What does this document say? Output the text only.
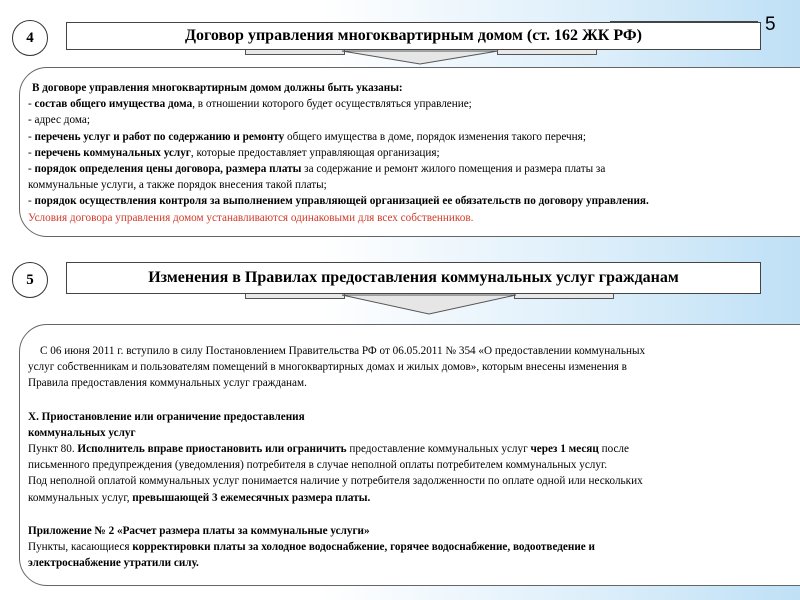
5
4	Договор управления многоквартирным домом (ст. 162 ЖК РФ)

В договоре управления многоквартирным домом должны быть указаны:

- состав общего имущества дома, в отношении которого будет осуществляться управление;

- адрес дома;

- перечень услуг и работ по содержанию и ремонту общего имущества в доме, порядок изменения такого перечня;

- перечень коммунальных услуг, которые предоставляет управляющая организация;

- порядок определения цены договора, размера платы за содержание и ремонт жилого помещения и размера платы за

коммунальные услуги, а также порядок внесения такой платы;

- порядок осуществления контроля за выполнением управляющей организацией ее обязательств по договору управления.

Условия договора управления домом устанавливаются одинаковыми для всех собственников.

5	Изменения в Правилах предоставления коммунальных услуг гражданам

С 06 июня 2011 г. вступило в силу Постановлением Правительства РФ от 06.05.2011 № 354 «О предоставлении коммунальных

услуг собственникам и пользователям помещений в многоквартирных домах и жилых домов», которым внесены изменения в

Правила предоставления коммунальных услуг гражданам.

X. Приостановление или ограничение предоставления

коммунальных услуг

Пункт 80. Исполнитель вправе приостановить или ограничить предоставление коммунальных услуг через 1 месяц после

письменного предупреждения (уведомления) потребителя в случае неполной оплаты потребителем коммунальных услуг.

Под неполной оплатой коммунальных услуг понимается наличие у потребителя задолженности по оплате одной или нескольких

коммунальных услуг, превышающей 3 ежемесячных размера платы.

Приложение № 2 «Расчет размера платы за коммунальные услуги»

Пункты, касающиеся корректировки платы за холодное водоснабжение, горячее водоснабжение, водоотведение и

электроснабжение утратили силу.
